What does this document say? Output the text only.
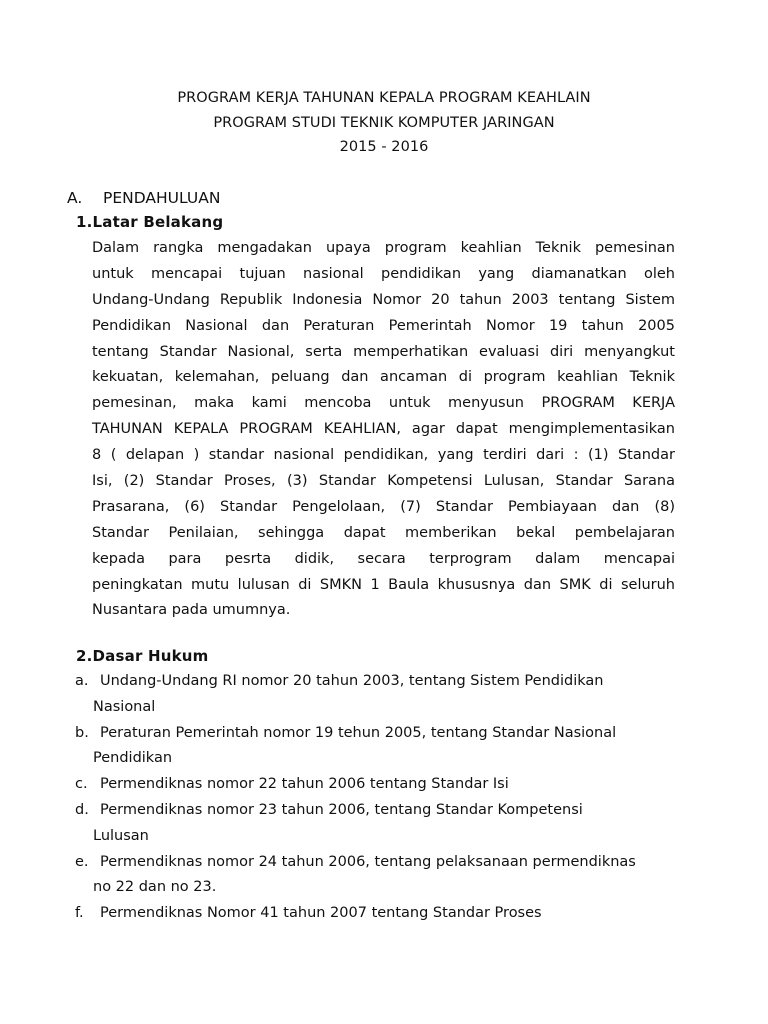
PROGRAM KERJA TAHUNAN KEPALA PROGRAM KEAHLAIN
PROGRAM STUDI TEKNIK KOMPUTER JARINGAN
2015 - 2016
A. PENDAHULUAN
1.Latar Belakang
Dalam rangka mengadakan upaya program keahlian Teknik pemesinan
untuk mencapai tujuan nasional pendidikan yang diamanatkan oleh
Undang-Undang Republik Indonesia Nomor 20 tahun 2003 tentang Sistem
Pendidikan Nasional dan Peraturan Pemerintah Nomor 19 tahun 2005
tentang Standar Nasional, serta memperhatikan evaluasi diri menyangkut
kekuatan, kelemahan, peluang dan ancaman di program keahlian Teknik
pemesinan, maka kami mencoba untuk menyusun PROGRAM KERJA
TAHUNAN KEPALA PROGRAM KEAHLIAN, agar dapat mengimplementasikan
8 ( delapan ) standar nasional pendidikan, yang terdiri dari : (1) Standar
Isi, (2) Standar Proses, (3) Standar Kompetensi Lulusan, Standar Sarana
Prasarana, (6) Standar Pengelolaan, (7) Standar Pembiayaan dan (8)
Standar Penilaian, sehingga dapat memberikan bekal pembelajaran
kepada para pesrta didik, secara terprogram dalam mencapai
peningkatan mutu lulusan di SMKN 1 Baula khususnya dan SMK di seluruh
Nusantara pada umumnya.
2.Dasar Hukum
a. Undang-Undang RI nomor 20 tahun 2003, tentang Sistem Pendidikan
Nasional
b. Peraturan Pemerintah nomor 19 tehun 2005, tentang Standar Nasional
Pendidikan
c. Permendiknas nomor 22 tahun 2006 tentang Standar Isi
d. Permendiknas nomor 23 tahun 2006, tentang Standar Kompetensi
Lulusan
e. Permendiknas nomor 24 tahun 2006, tentang pelaksanaan permendiknas
no 22 dan no 23.
f.	Permendiknas Nomor 41 tahun 2007 tentang Standar Proses
